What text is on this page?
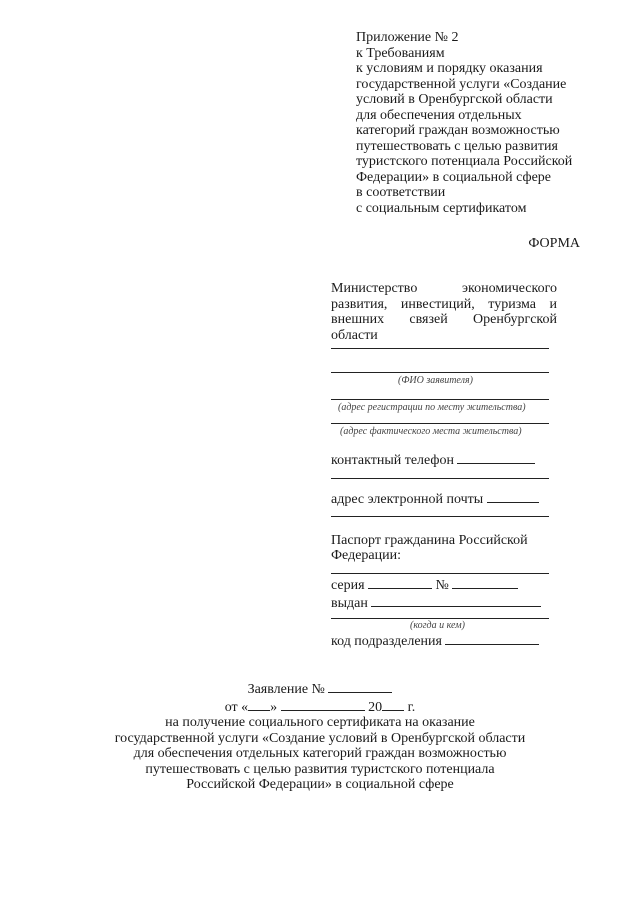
Приложение № 2
к Требованиям
к условиям и порядку оказания
государственной услуги «Создание
условий в Оренбургской области
для обеспечения отдельных
категорий граждан возможностью
путешествовать с целью развития
туристского потенциала Российской
Федерации» в социальной сфере
в соответствии
с социальным сертификатом
ФОРМА
Министерство экономического развития, инвестиций, туризма и внешних связей Оренбургской области
(ФИО заявителя)
(адрес регистрации по месту жительства)
(адрес фактического места жительства)
контактный телефон
адрес электронной почты
Паспорт гражданина Российской
Федерации:
серия	№
выдан
(когда и кем)
код подразделения
Заявление №
от « »	20 г.
на получение социального сертификата на оказание
государственной услуги «Создание условий в Оренбургской области
для обеспечения отдельных категорий граждан возможностью
путешествовать с целью развития туристского потенциала
Российской Федерации» в социальной сфере
